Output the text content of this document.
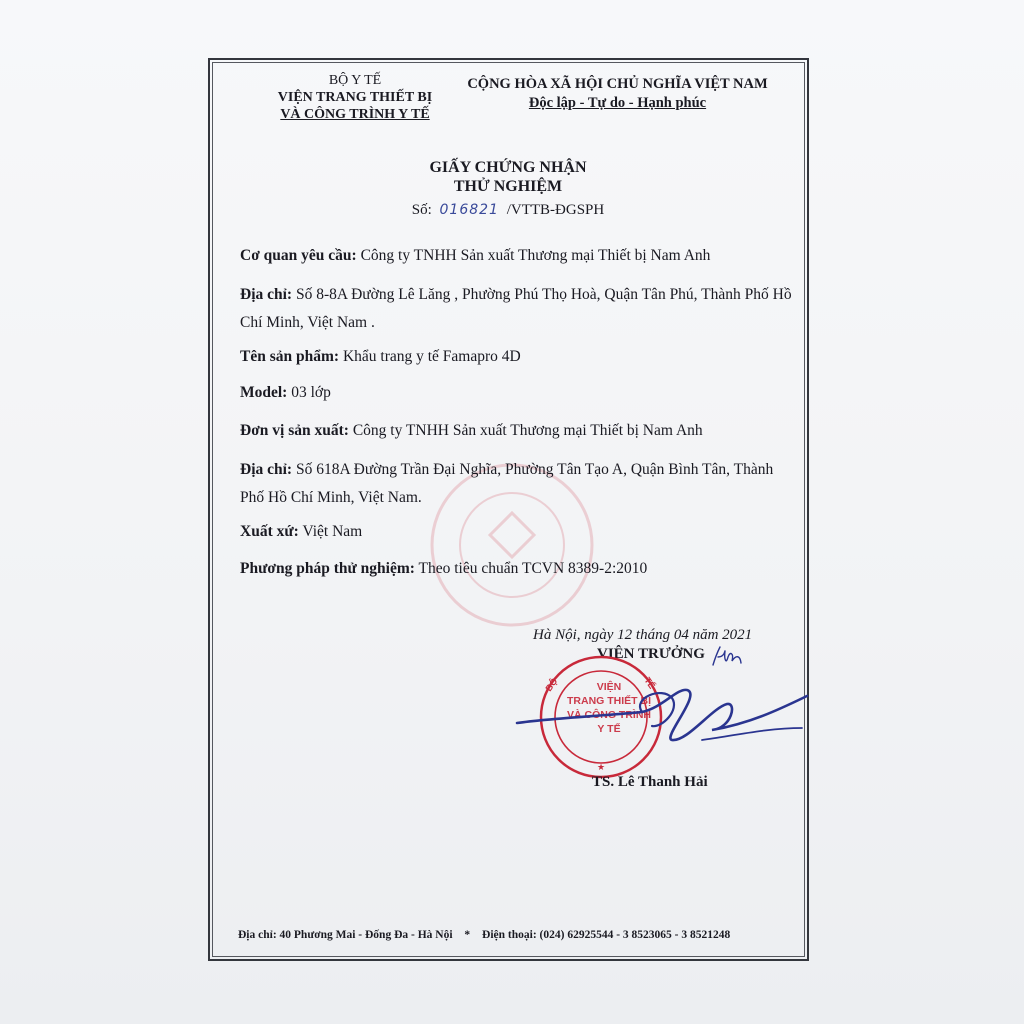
BỘ Y TẾ
VIỆN TRANG THIẾT BỊ
VÀ CÔNG TRÌNH Y TẾ
CỘNG HÒA XÃ HỘI CHỦ NGHĨA VIỆT NAM
Độc lập - Tự do - Hạnh phúc
GIẤY CHỨNG NHẬN
THỬ NGHIỆM
Số: 016821 /VTTB-ĐGSPH
Cơ quan yêu cầu: Công ty TNHH Sản xuất Thương mại Thiết bị Nam Anh
Địa chỉ: Số 8-8A Đường Lê Lăng , Phường Phú Thọ Hoà, Quận Tân Phú, Thành Phố Hồ Chí Minh, Việt Nam .
Tên sản phẩm: Khẩu trang y tế Famapro 4D
Model: 03 lớp
Đơn vị sản xuất: Công ty TNHH Sản xuất Thương mại Thiết bị Nam Anh
Địa chỉ: Số 618A Đường Trần Đại Nghĩa, Phường Tân Tạo A, Quận Bình Tân, Thành Phố Hồ Chí Minh, Việt Nam.
Xuất xứ: Việt Nam
Phương pháp thử nghiệm: Theo tiêu chuẩn TCVN 8389-2:2010
Hà Nội, ngày 12 tháng 04 năm 2021
VIỆN TRƯỞNG
BỘ	TẾ
★
VIỆN
TRANG THIẾT BỊ
VÀ CÔNG TRÌNH
Y TẾ
TS. Lê Thanh Hải
Địa chỉ: 40 Phương Mai - Đống Đa - Hà Nội * Điện thoại: (024) 62925544 - 3 8523065 - 3 8521248
